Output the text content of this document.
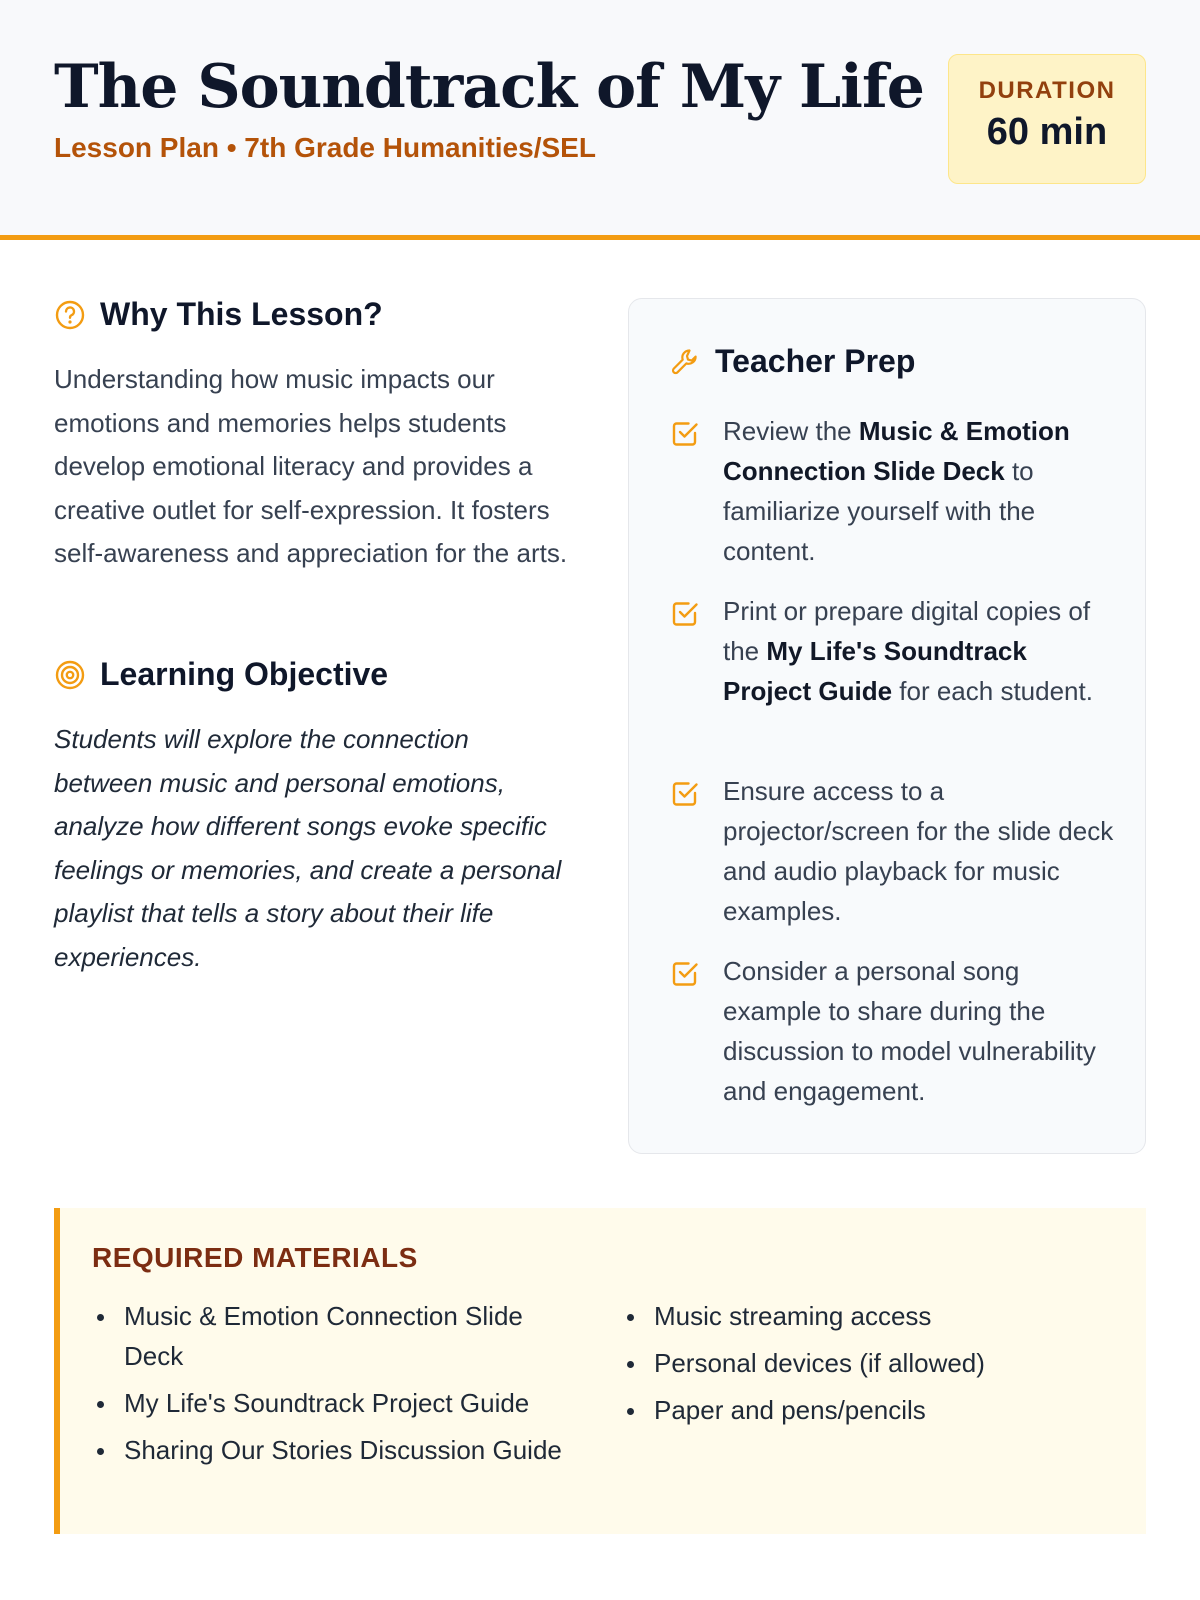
The Soundtrack of My Life
Lesson Plan • 7th Grade Humanities/SEL
DURATION
60 min
Why This Lesson?

Understanding how music impacts our emotions and memories helps students develop emotional literacy and provides a creative outlet for self-expression. It fosters self-awareness and appreciation for the arts.

Learning Objective

Students will explore the connection between music and personal emotions, analyze how different songs evoke specific feelings or memories, and create a personal playlist that tells a story about their life experiences.

Teacher Prep

Review the Music & Emotion Connection Slide Deck to familiarize yourself with the content.

Print or prepare digital copies of the My Life's Soundtrack Project Guide for each student.

Ensure access to a projector/screen for the slide deck and audio playback for music examples.

Consider a personal song example to share during the discussion to model vulnerability and engagement.

REQUIRED MATERIALS
Music & Emotion Connection Slide Deck
My Life's Soundtrack Project Guide
Sharing Our Stories Discussion Guide
Music streaming access
Personal devices (if allowed)
Paper and pens/pencils
